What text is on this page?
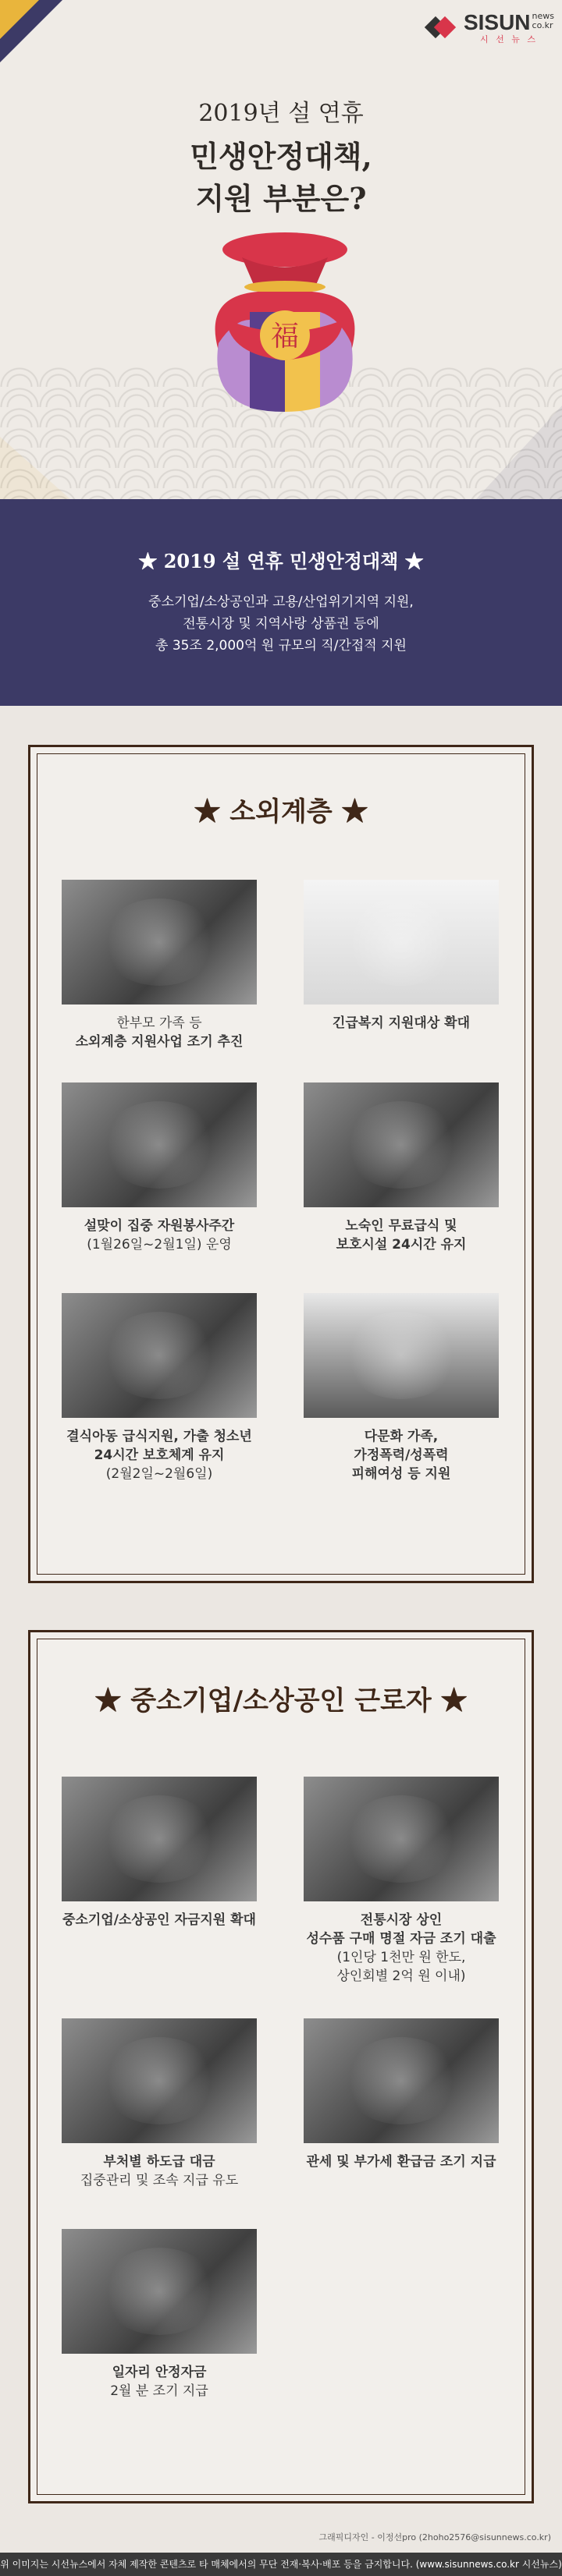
SISUN news
co.kr
시 선 뉴 스
2019년 설 연휴
민생안정대책,
지원 부분은?
福
★ 2019 설 연휴 민생안정대책 ★
중소기업/소상공인과 고용/산업위기지역 지원,
전통시장 및 지역사랑 상품권 등에
총 35조 2,000억 원 규모의 직/간접적 지원
★ 소외계층 ★
한부모 가족 등
소외계층 지원사업 조기 추진
긴급복지 지원대상 확대
설맞이 집중 자원봉사주간
(1월26일~2월1일) 운영
노숙인 무료급식 및
보호시설 24시간 유지
결식아동 급식지원, 가출 청소년
24시간 보호체계 유지
(2월2일~2월6일)
다문화 가족,
가정폭력/성폭력
피해여성 등 지원
★ 중소기업/소상공인 근로자 ★
중소기업/소상공인 자금지원 확대	전통시장 상인
성수품 구매 명절 자금 조기 대출
(1인당 1천만 원 한도,
상인회별 2억 원 이내)
부처별 하도급 대금
집중관리 및 조속 지급 유도
관세 및 부가세 환급금 조기 지급
일자리 안정자금
2월 분 조기 지급
그래픽디자인 - 이정선pro (2hoho2576@sisunnews.co.kr)
위 이미지는 시선뉴스에서 자체 제작한 콘텐츠로 타 매체에서의 무단 전재·복사·배포 등을 금지합니다. (www.sisunnews.co.kr 시선뉴스)
